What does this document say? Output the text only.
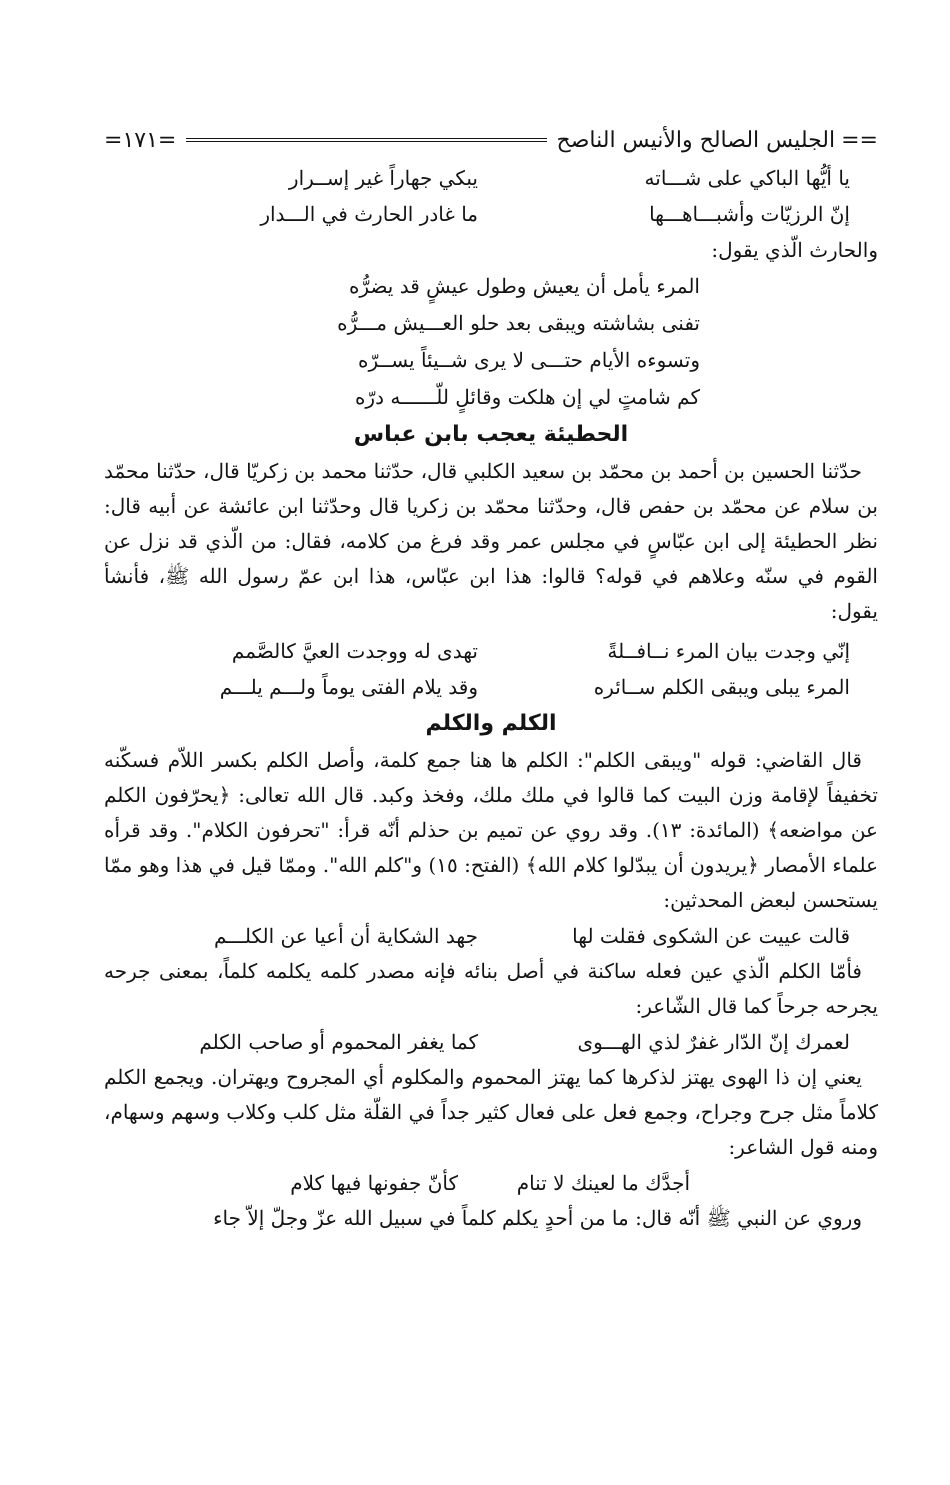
==
الجليس الصالح والأنيس الناصح
=١٧١=
يا أيُّها الباكي على شـــاته
يبكي جهاراً غير إســرار
إنّ الرزيّات وأشبـــاهـــها
ما غادر الحارث في الـــدار
والحارث الّذي يقول:
المرء يأمل أن يعيش وطول عيشٍ قد يضرُّه
تفنى بشاشته ويبقى بعد حلو العـــيش مـــرُّه
وتسوءه الأيام حتـــى لا يرى شــيئاً يســرّه
كم شامتٍ لي إن هلكت وقائلٍ للّــــــه درّه
الحطيئة يعجب بابن عباس

حدّثنا الحسين بن أحمد بن محمّد بن سعيد الكلبي قال، حدّثنا محمد بن زكريّا قال، حدّثنا محمّد بن سلام عن محمّد بن حفص قال، وحدّثنا محمّد بن زكريا قال وحدّثنا ابن عائشة عن أبيه قال: نظر الحطيئة إلى ابن عبّاسٍ في مجلس عمر وقد فرغ من كلامه، فقال: من الّذي قد نزل عن القوم في سنّه وعلاهم في قوله؟ قالوا: هذا ابن عبّاس، هذا ابن عمّ رسول الله ﷺ، فأنشأ يقول:

إنّي وجدت بيان المرء نــافــلةً
تهدى له ووجدت العيَّ كالصَّمم
المرء يبلى ويبقى الكلم ســائره
وقد يلام الفتى يوماً ولـــم يلـــم
الكلم والكلم

قال القاضي: قوله "ويبقى الكلم": الكلم ها هنا جمع كلمة، وأصل الكلم بكسر اللاّم فسكّنه تخفيفاً لإقامة وزن البيت كما قالوا في ملك ملك، وفخذ وكبد. قال الله تعالى: ﴿يحرّفون الكلم عن مواضعه﴾ (المائدة: ١٣). وقد روي عن تميم بن حذلم أنّه قرأ: "تحرفون الكلام". وقد قرأه علماء الأمصار ﴿يريدون أن يبدّلوا كلام الله﴾ (الفتح: ١٥) و"كلم الله". وممّا قيل في هذا وهو ممّا يستحسن لبعض المحدثين:

قالت عييت عن الشكوى فقلت لها
جهد الشكاية أن أعيا عن الكلـــم

فأمّا الكلم الّذي عين فعله ساكنة في أصل بنائه فإنه مصدر كلمه يكلمه كلماً، بمعنى جرحه يجرحه جرحاً كما قال الشّاعر:

لعمرك إنّ الدّار غفرٌ لذي الهـــوى
كما يغفر المحموم أو صاحب الكلم

يعني إن ذا الهوى يهتز لذكرها كما يهتز المحموم والمكلوم أي المجروح ويهتران. ويجمع الكلم كلاماً مثل جرح وجراح، وجمع فعل على فعال كثير جداً في القلّة مثل كلب وكلاب وسهم وسهام، ومنه قول الشاعر:

أجدَّك ما لعينك لا تنام
كأنّ جفونها فيها كلام

وروي عن النبي ﷺ أنّه قال: ما من أحدٍ يكلم كلماً في سبيل الله عزّ وجلّ إلاّ جاء
